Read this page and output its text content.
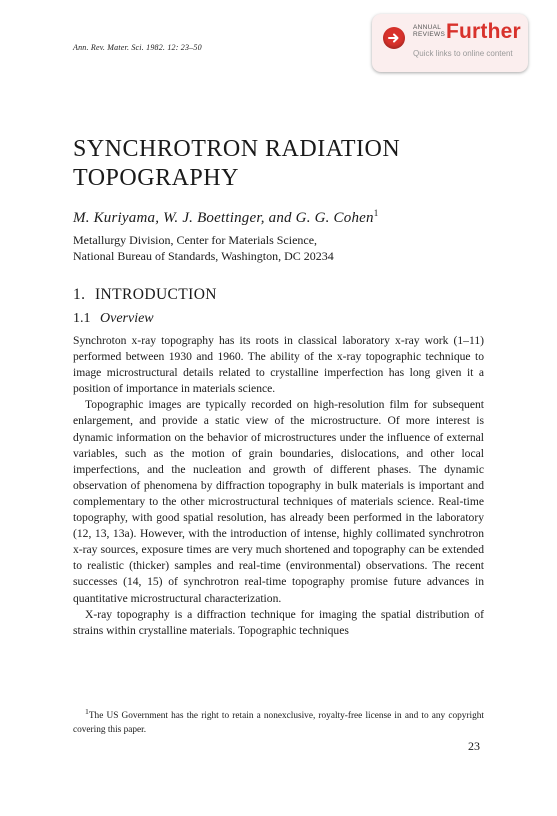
Ann. Rev. Mater. Sci. 1982. 12: 23–50
ANNUAL
REVIEWS Further
Quick links to online content
SYNCHROTRON RADIATION
TOPOGRAPHY
M. Kuriyama, W. J. Boettinger, and G. G. Cohen$^1$
Metallurgy Division, Center for Materials Science,
National Bureau of Standards, Washington, DC 20234
1. INTRODUCTION
1.1 Overview

Synchroton x-ray topography has its roots in classical laboratory x-ray work (1–11) performed between 1930 and 1960. The ability of the x-ray topographic technique to image microstructural details related to crystalline imperfection has long given it a position of importance in materials science.

Topographic images are typically recorded on high-resolution film for subsequent enlargement, and provide a static view of the microstructure. Of more interest is dynamic information on the behavior of microstructures under the influence of external variables, such as the motion of grain boundaries, dislocations, and other local imperfections, and the nucleation and growth of different phases. The dynamic observation of phenomena by diffraction topography in bulk materials is important and complementary to the other microstructural techniques of materials science. Real-time topography, with good spatial resolution, has already been performed in the laboratory (12, 13, 13a). However, with the introduction of intense, highly collimated synchrotron x-ray sources, exposure times are very much shortened and topography can be extended to realistic (thicker) samples and real-time (environmental) observations. The recent successes (14, 15) of synchrotron real-time topography promise future advances in quantitative microstructural characterization.

X-ray topography is a diffraction technique for imaging the spatial distribution of strains within crystalline materials. Topographic techniques

$^1$The US Government has the right to retain a nonexclusive, royalty-free license in and to any copyright covering this paper.

23
